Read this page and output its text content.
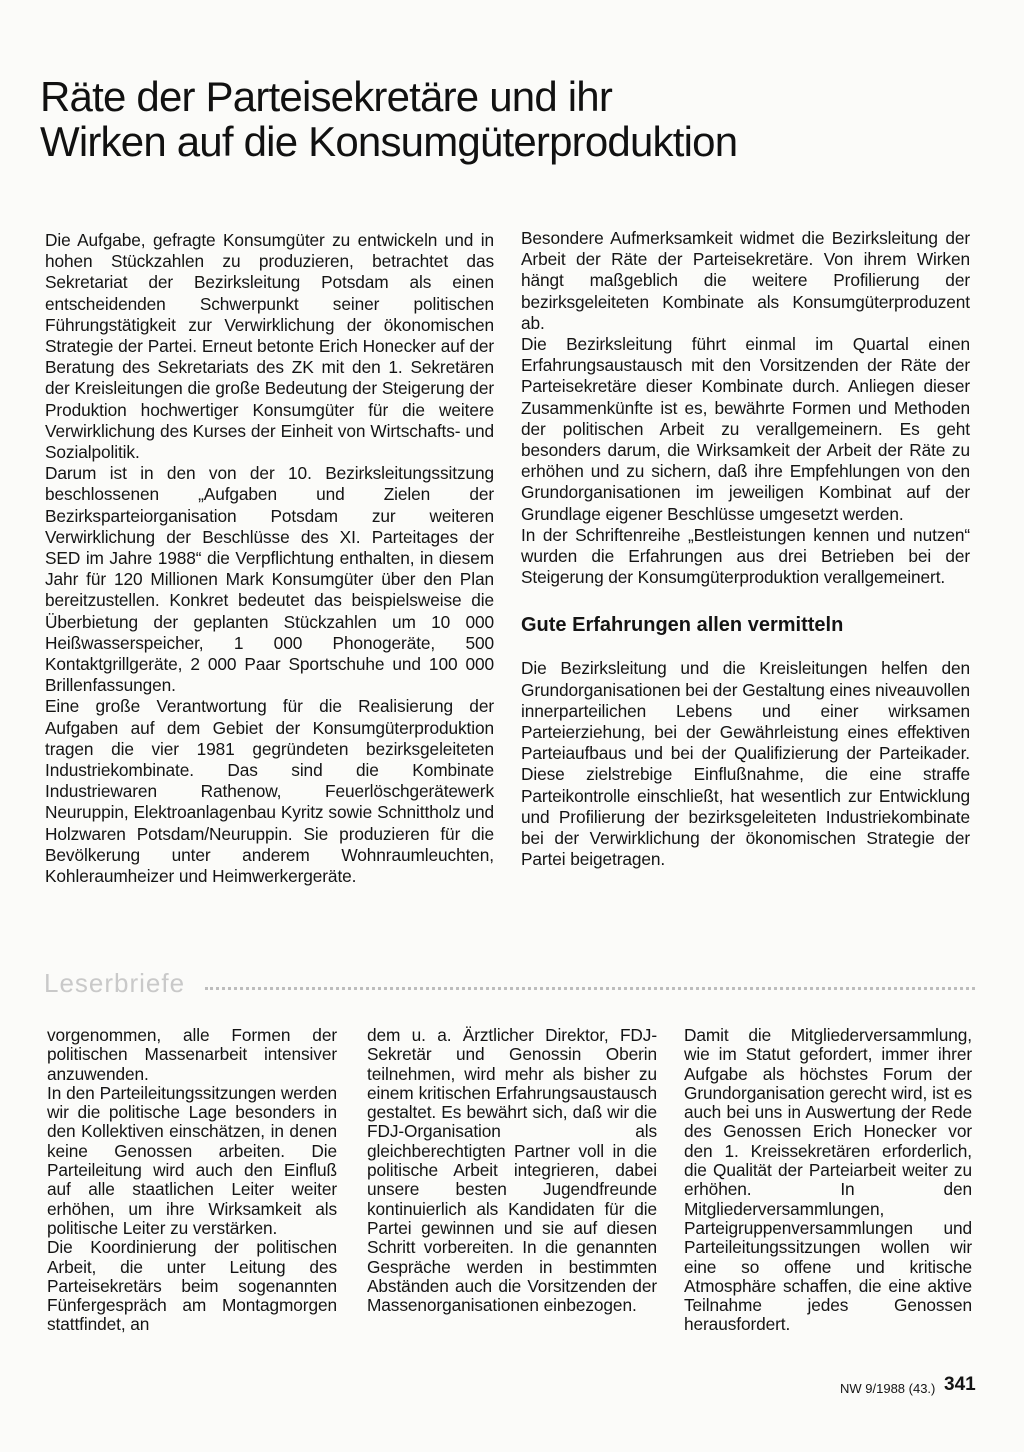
Räte der Parteisekretäre und ihr
Wirken auf die Konsumgüterproduktion

Die Aufgabe, gefragte Konsumgüter zu entwickeln und in hohen Stückzahlen zu produzieren, betrachtet das Sekretariat der Bezirksleitung Potsdam als einen entscheidenden Schwerpunkt seiner politischen Führungstätigkeit zur Verwirklichung der ökonomischen Strategie der Partei. Erneut betonte Erich Honecker auf der Beratung des Sekretariats des ZK mit den 1. Sekretären der Kreisleitungen die große Bedeutung der Steigerung der Produktion hochwertiger Konsumgüter für die weitere Verwirklichung des Kurses der Einheit von Wirtschafts- und Sozialpolitik.

Darum ist in den von der 10. Bezirksleitungssitzung beschlossenen „Aufgaben und Zielen der Bezirksparteiorganisation Potsdam zur weiteren Verwirklichung der Beschlüsse des XI. Parteitages der SED im Jahre 1988“ die Verpflichtung enthalten, in diesem Jahr für 120 Millionen Mark Konsumgüter über den Plan bereitzustellen. Konkret bedeutet das beispielsweise die Überbietung der geplanten Stückzahlen um 10 000 Heißwasserspeicher, 1 000 Phonogeräte, 500 Kontaktgrillgeräte, 2 000 Paar Sportschuhe und 100 000 Brillenfassungen.

Eine große Verantwortung für die Realisierung der Aufgaben auf dem Gebiet der Konsumgüterproduktion tragen die vier 1981 gegründeten bezirksgeleiteten Industriekombinate. Das sind die Kombinate Industriewaren Rathenow, Feuerlöschgerätewerk Neuruppin, Elektroanlagenbau Kyritz sowie Schnittholz und Holzwaren Potsdam/Neuruppin. Sie produzieren für die Bevölkerung unter anderem Wohnraumleuchten, Kohleraumheizer und Heimwerkergeräte.

Besondere Aufmerksamkeit widmet die Bezirksleitung der Arbeit der Räte der Parteisekretäre. Von ihrem Wirken hängt maßgeblich die weitere Profilierung der bezirksgeleiteten Kombinate als Konsumgüterproduzent ab.

Die Bezirksleitung führt einmal im Quartal einen Erfahrungsaustausch mit den Vorsitzenden der Räte der Parteisekretäre dieser Kombinate durch. Anliegen dieser Zusammenkünfte ist es, bewährte Formen und Methoden der politischen Arbeit zu verallgemeinern. Es geht besonders darum, die Wirksamkeit der Arbeit der Räte zu erhöhen und zu sichern, daß ihre Empfehlungen von den Grundorganisationen im jeweiligen Kombinat auf der Grundlage eigener Beschlüsse umgesetzt werden.

In der Schriftenreihe „Bestleistungen kennen und nutzen“ wurden die Erfahrungen aus drei Betrieben bei der Steigerung der Konsumgüterproduktion verallgemeinert.

Gute Erfahrungen allen vermitteln

Die Bezirksleitung und die Kreisleitungen helfen den Grundorganisationen bei der Gestaltung eines niveauvollen innerparteilichen Lebens und einer wirksamen Parteierziehung, bei der Gewährleistung eines effektiven Parteiaufbaus und bei der Qualifizierung der Parteikader. Diese zielstrebige Einflußnahme, die eine straffe Parteikontrolle einschließt, hat wesentlich zur Entwicklung und Profilierung der bezirksgeleiteten Industriekombinate bei der Verwirklichung der ökonomischen Strategie der Partei beigetragen.

Leserbriefe

vorgenommen, alle Formen der politischen Massenarbeit intensiver anzuwenden.

In den Parteileitungssitzungen werden wir die politische Lage besonders in den Kollektiven einschätzen, in denen keine Genossen arbeiten. Die Parteileitung wird auch den Einfluß auf alle staatlichen Leiter weiter erhöhen, um ihre Wirksamkeit als politische Leiter zu verstärken.

Die Koordinierung der politischen Arbeit, die unter Leitung des Parteisekretärs beim sogenannten Fünfergespräch am Montagmorgen stattfindet, an

dem u. a. Ärztlicher Direktor, FDJ-Sekretär und Genossin Oberin teilnehmen, wird mehr als bisher zu einem kritischen Erfahrungsaustausch gestaltet. Es bewährt sich, daß wir die FDJ-Organisation als gleichberechtigten Partner voll in die politische Arbeit integrieren, dabei unsere besten Jugendfreunde kontinuierlich als Kandidaten für die Partei gewinnen und sie auf diesen Schritt vorbereiten. In die genannten Gespräche werden in bestimmten Abständen auch die Vorsitzenden der Massenorganisationen einbezogen.

Damit die Mitgliederversammlung, wie im Statut gefordert, immer ihrer Aufgabe als höchstes Forum der Grundorganisation gerecht wird, ist es auch bei uns in Auswertung der Rede des Genossen Erich Honecker vor den 1. Kreissekretären erforderlich, die Qualität der Parteiarbeit weiter zu erhöhen. In den Mitgliederversammlungen, Parteigruppenversammlungen und Parteileitungssitzungen wollen wir eine so offene und kritische Atmosphäre schaffen, die eine aktive Teilnahme jedes Genossen herausfordert.

NW 9/1988 (43.) 341
